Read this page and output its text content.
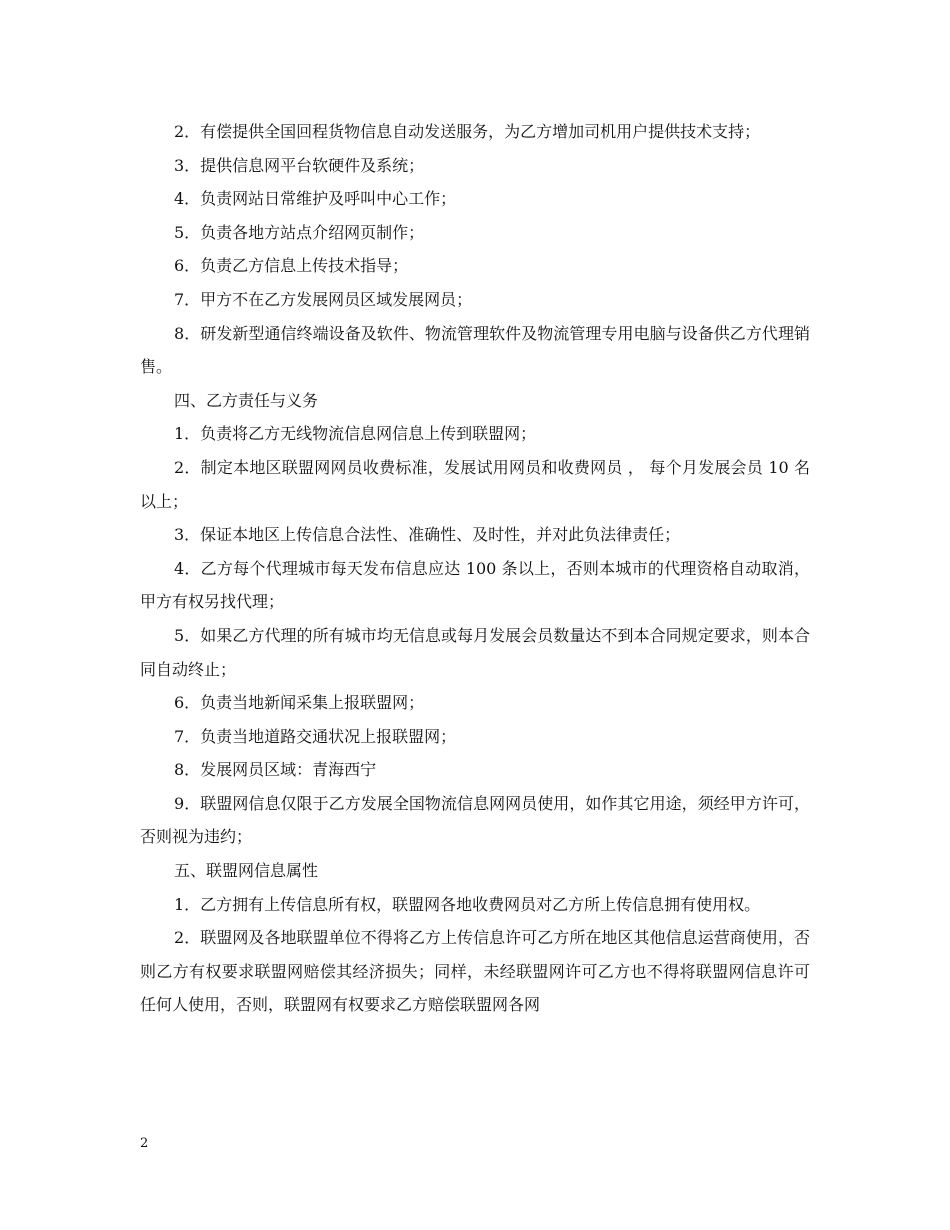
2．有偿提供全国回程货物信息自动发送服务，为乙方增加司机用户提供技术支持；

3．提供信息网平台软硬件及系统；

4．负责网站日常维护及呼叫中心工作；

5．负责各地方站点介绍网页制作；

6．负责乙方信息上传技术指导；

7．甲方不在乙方发展网员区域发展网员；

8．研发新型通信终端设备及软件、物流管理软件及物流管理专用电脑与设备供乙方代理销售。

四、乙方责任与义务

1．负责将乙方无线物流信息网信息上传到联盟网；

2．制定本地区联盟网网员收费标准，发展试用网员和收费网员 ， 每个月发展会员 10 名以上；

3．保证本地区上传信息合法性、准确性、及时性，并对此负法律责任；

4．乙方每个代理城市每天发布信息应达 100 条以上，否则本城市的代理资格自动取消，甲方有权另找代理；

5．如果乙方代理的所有城市均无信息或每月发展会员数量达不到本合同规定要求，则本合同自动终止；

6．负责当地新闻采集上报联盟网；

7．负责当地道路交通状况上报联盟网；

8．发展网员区域：青海西宁

9．联盟网信息仅限于乙方发展全国物流信息网网员使用，如作其它用途，须经甲方许可，否则视为违约；

五、联盟网信息属性

1．乙方拥有上传信息所有权，联盟网各地收费网员对乙方所上传信息拥有使用权。

2．联盟网及各地联盟单位不得将乙方上传信息许可乙方所在地区其他信息运营商使用，否则乙方有权要求联盟网赔偿其经济损失；同样，未经联盟网许可乙方也不得将联盟网信息许可任何人使用，否则，联盟网有权要求乙方赔偿联盟网各网

2
